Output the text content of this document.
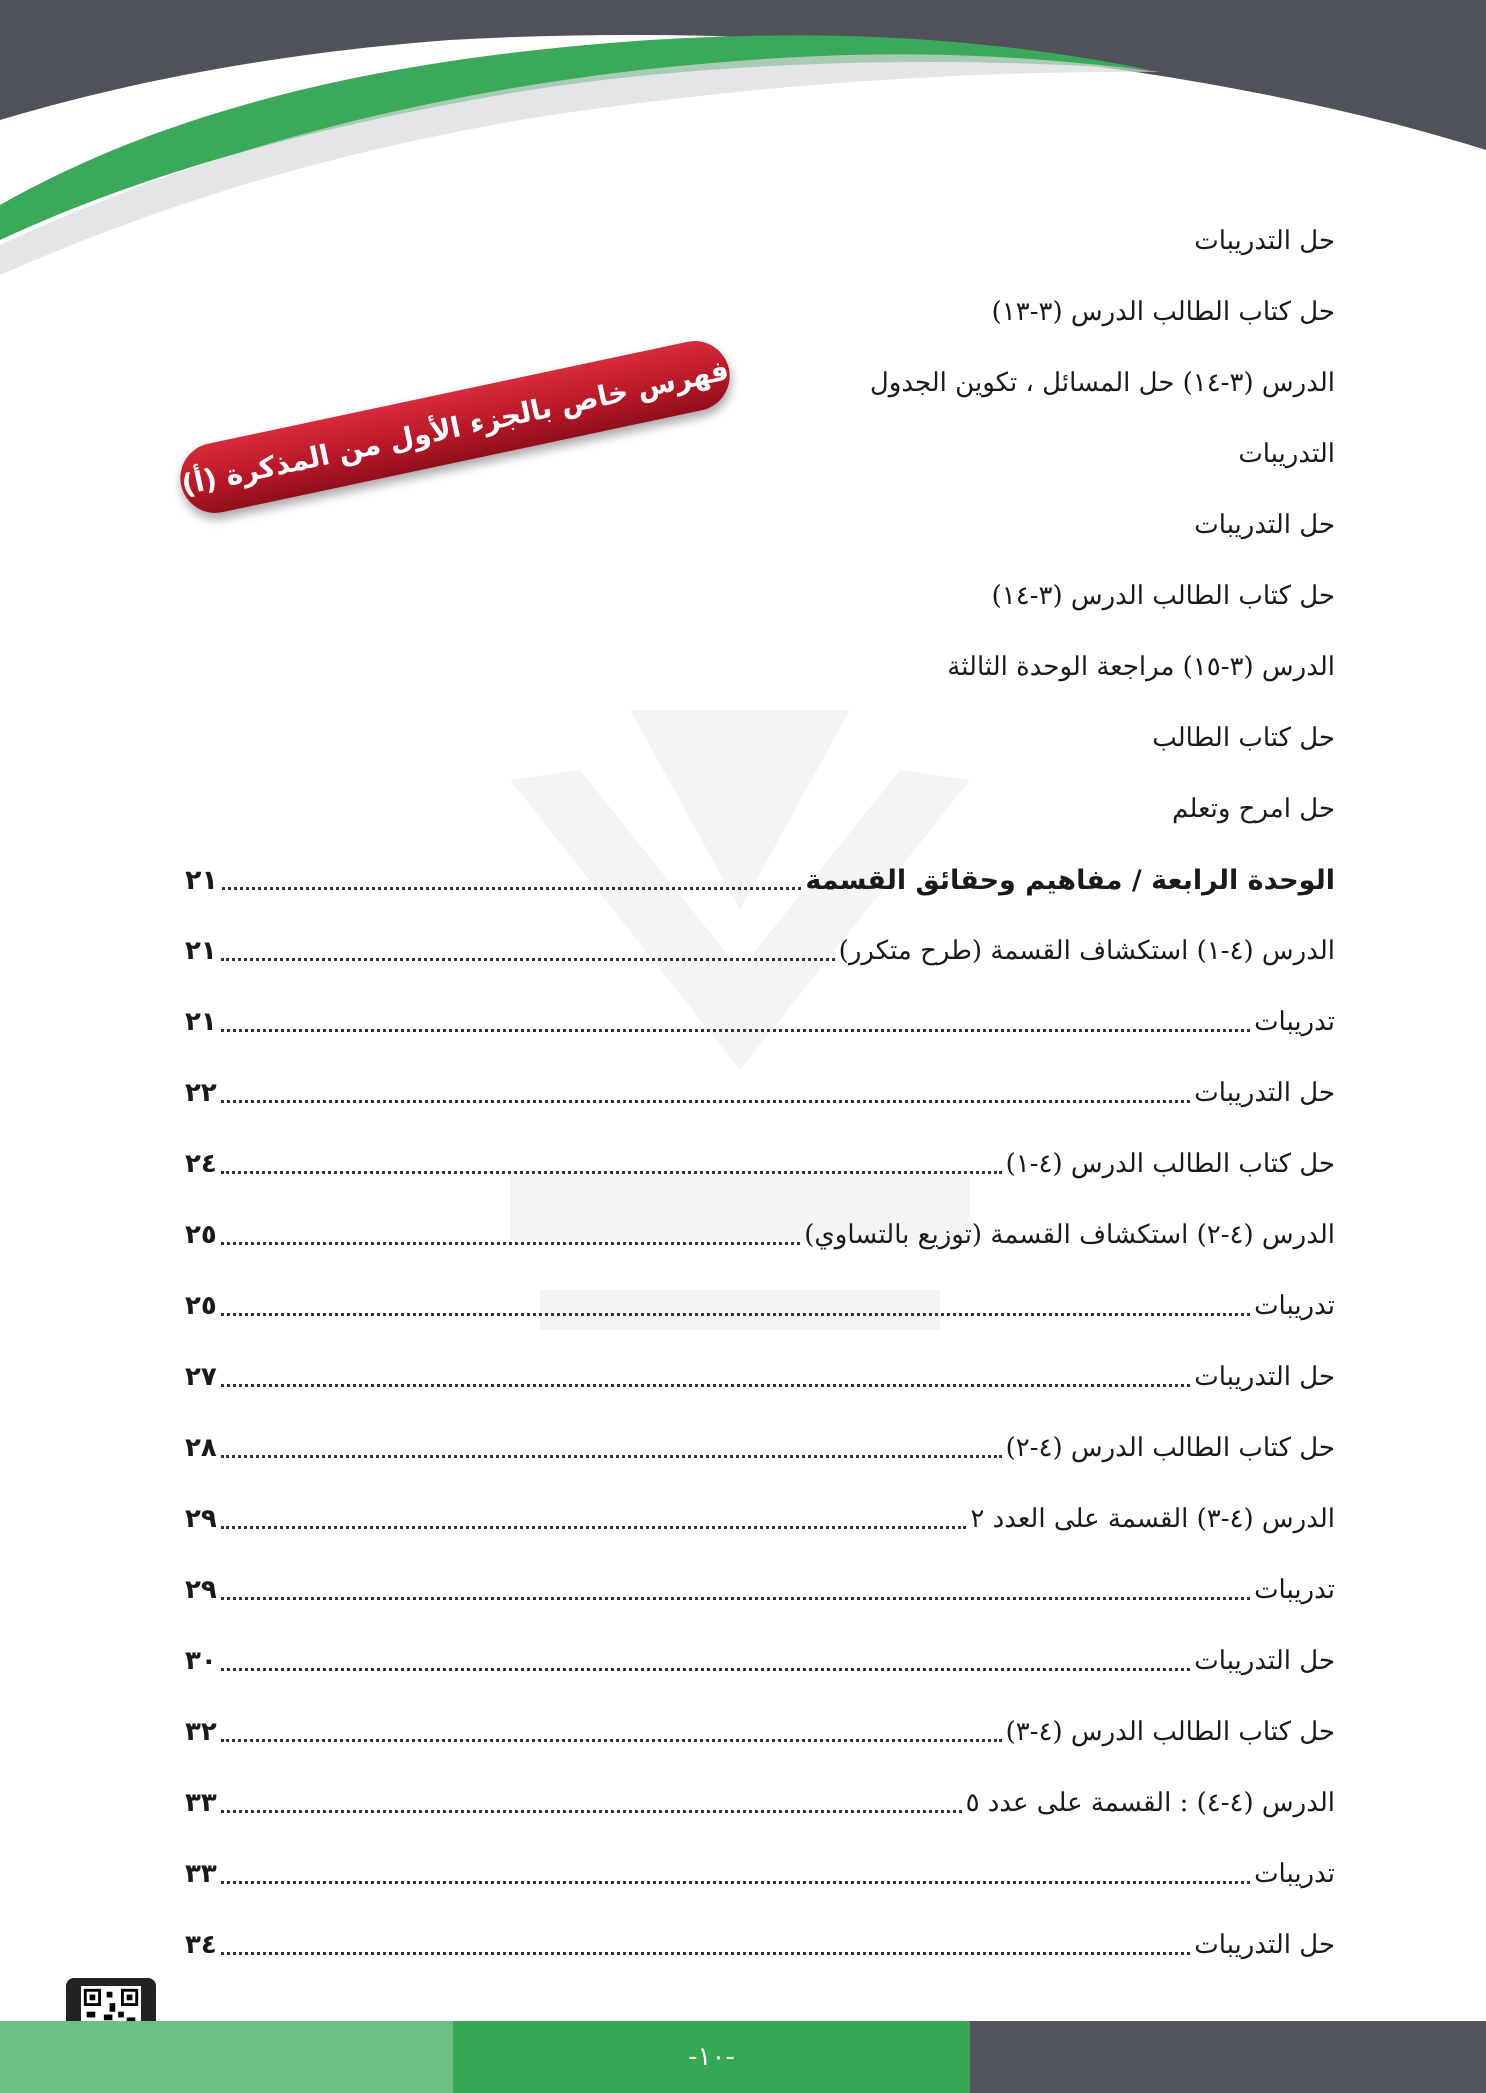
فهرس خاص بالجزء الأول من المذكرة (أ)
حل التدريبات
حل كتاب الطالب الدرس (٣-١٣)
الدرس (٣-١٤) حل المسائل ، تكوين الجدول
التدريبات
حل التدريبات
حل كتاب الطالب الدرس (٣-١٤)
الدرس (٣-١٥) مراجعة الوحدة الثالثة
حل كتاب الطالب
حل امرح وتعلم
الوحدة الرابعة / مفاهيم وحقائق القسمة
٢١
الدرس (٤-١) استكشاف القسمة (طرح متكرر)
٢١
تدريبات
٢١
حل التدريبات
٢٢
حل كتاب الطالب الدرس (٤-١)
٢٤
الدرس (٤-٢) استكشاف القسمة (توزيع بالتساوي)
٢٥
تدريبات
٢٥
حل التدريبات
٢٧
حل كتاب الطالب الدرس (٤-٢)
٢٨
الدرس (٤-٣) القسمة على العدد ٢
٢٩
تدريبات
٢٩
حل التدريبات
٣٠
حل كتاب الطالب الدرس (٤-٣)
٣٢
الدرس (٤-٤) : القسمة على عدد ٥
٣٣
تدريبات
٣٣
حل التدريبات
٣٤
-١٠-
